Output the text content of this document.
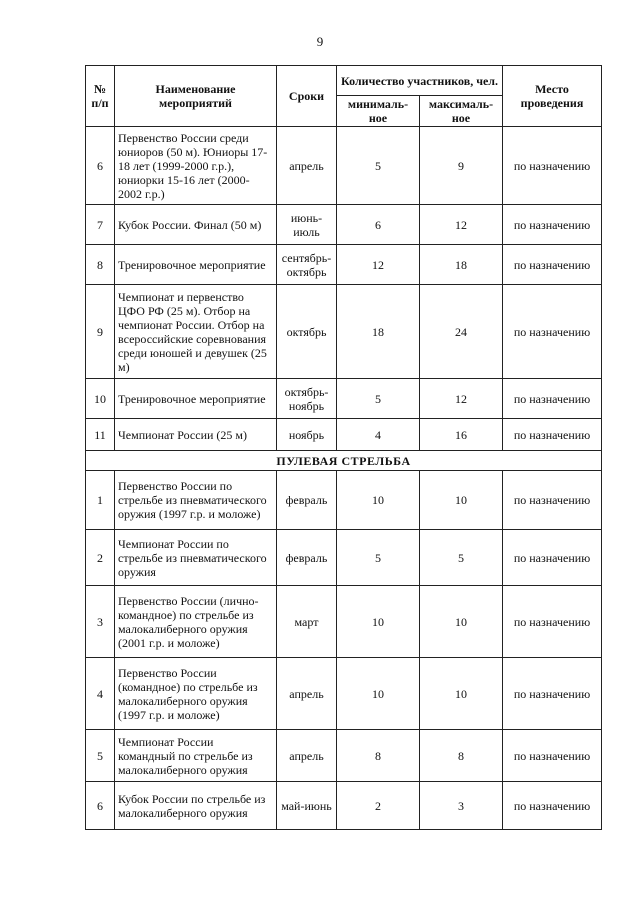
9
№ п/п	Наименование мероприятий	Сроки	Количество участников, чел.		Место проведения
			минималь-ное	максималь-ное	
6	Первенство России среди юниоров (50 м). Юниоры 17-18 лет (1999-2000 г.р.), юниорки 15-16 лет (2000-2002 г.р.)	апрель	5	9	по назначению
7	Кубок России. Финал (50 м)	июнь-июль	6	12	по назначению
8	Тренировочное мероприятие	сентябрь-октябрь	12	18	по назначению
9	Чемпионат и первенство ЦФО РФ (25 м). Отбор на чемпионат России. Отбор на всероссийские соревнования среди юношей и девушек (25 м)	октябрь	18	24	по назначению
10	Тренировочное мероприятие	октябрь-ноябрь	5	12	по назначению
11	Чемпионат России (25 м)	ноябрь	4	16	по назначению
ПУЛЕВАЯ СТРЕЛЬБА					
1	Первенство России по стрельбе из пневматического оружия (1997 г.р. и моложе)	февраль	10	10	по назначению
2	Чемпионат России по стрельбе из пневматического оружия	февраль	5	5	по назначению
3	Первенство России (лично-командное) по стрельбе из малокалиберного оружия (2001 г.р. и моложе)	март	10	10	по назначению
4	Первенство России (командное) по стрельбе из малокалиберного оружия (1997 г.р. и моложе)	апрель	10	10	по назначению
5	Чемпионат России командный по стрельбе из малокалиберного оружия	апрель	8	8	по назначению
6	Кубок России по стрельбе из малокалиберного оружия	май-июнь	2	3	по назначению
